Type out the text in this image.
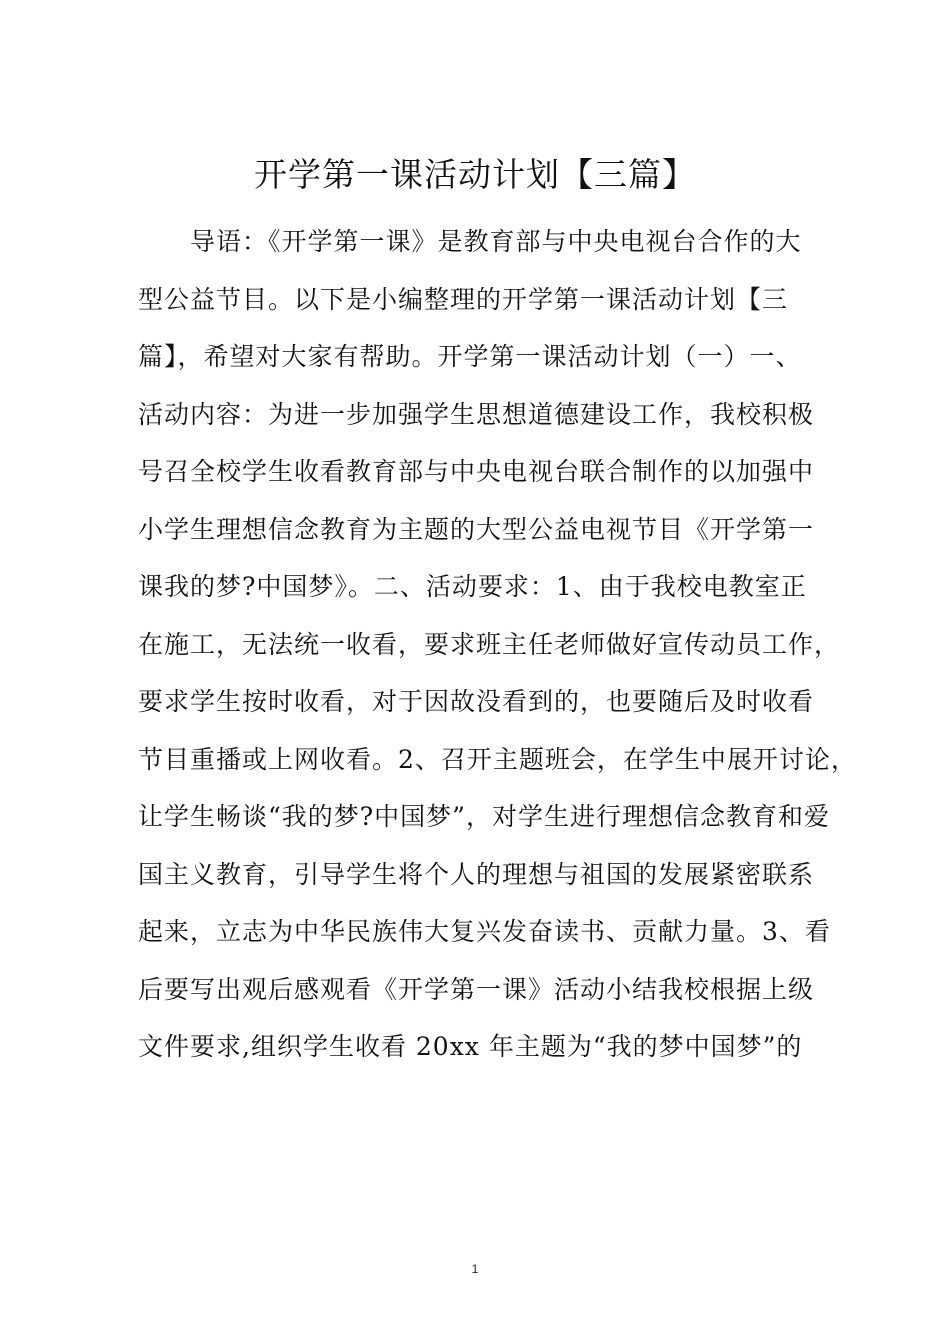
开学第一课活动计划【三篇】
导语：《开学第一课》是教育部与中央电视台合作的大
型公益节目。以下是小编整理的开学第一课活动计划【三
篇】，希望对大家有帮助。开学第一课活动计划（一）一、
活动内容：为进一步加强学生思想道德建设工作，我校积极
号召全校学生收看教育部与中央电视台联合制作的以加强中
小学生理想信念教育为主题的大型公益电视节目《开学第一
课我的梦?中国梦》。二、活动要求：1、由于我校电教室正
在施工，无法统一收看，要求班主任老师做好宣传动员工作，
要求学生按时收看，对于因故没看到的，也要随后及时收看
节目重播或上网收看。2、召开主题班会，在学生中展开讨论，
让学生畅谈“我的梦?中国梦”，对学生进行理想信念教育和爱
国主义教育，引导学生将个人的理想与祖国的发展紧密联系
起来，立志为中华民族伟大复兴发奋读书、贡献力量。3、看
后要写出观后感观看《开学第一课》活动小结我校根据上级
文件要求,组织学生收看 20xx 年主题为“我的梦中国梦”的
1
